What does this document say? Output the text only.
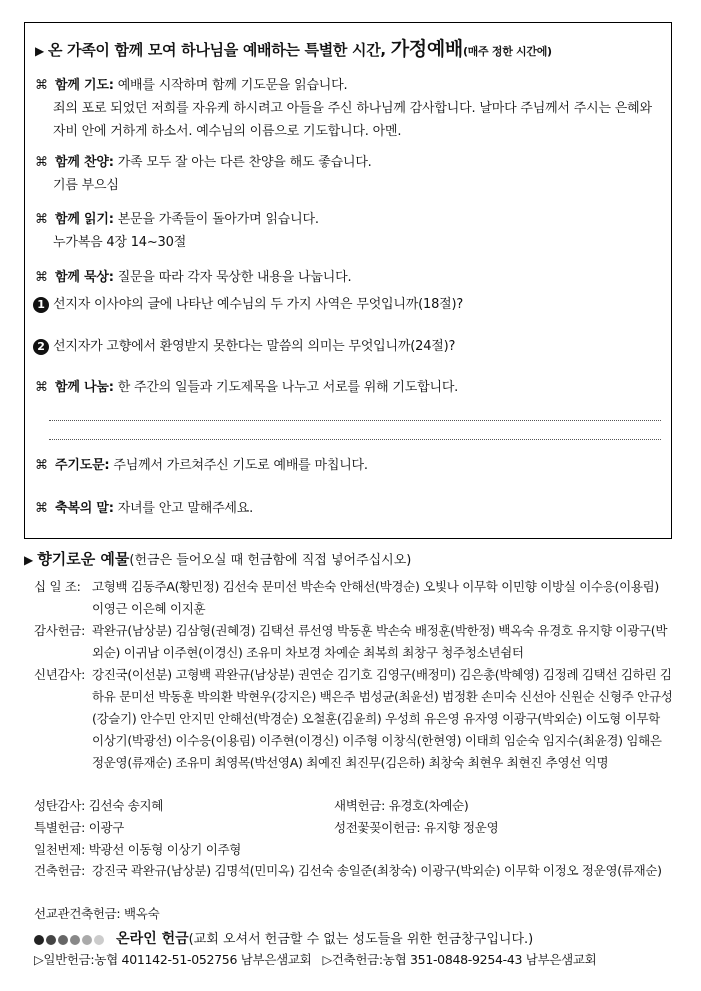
▶ 온 가족이 함께 모여 하나님을 예배하는 특별한 시간, 가정예배(매주 정한 시간에)
⌘ 함께 기도: 예배를 시작하며 함께 기도문을 읽습니다.
죄의 포로 되었던 저희를 자유케 하시려고 아들을 주신 하나님께 감사합니다. 날마다 주님께서 주시는 은혜와 자비 안에 거하게 하소서. 예수님의 이름으로 기도합니다. 아멘.
⌘ 함께 찬양: 가족 모두 잘 아는 다른 찬양을 해도 좋습니다.
기름 부으심
⌘ 함께 읽기: 본문을 가족들이 돌아가며 읽습니다.
누가복음 4장 14~30절
⌘ 함께 묵상: 질문을 따라 각자 묵상한 내용을 나눕니다.
1 선지자 이사야의 글에 나타난 예수님의 두 가지 사역은 무엇입니까(18절)?
2 선지자가 고향에서 환영받지 못한다는 말씀의 의미는 무엇입니까(24절)?
⌘ 함께 나눔: 한 주간의 일들과 기도제목을 나누고 서로를 위해 기도합니다.
⌘ 주기도문: 주님께서 가르쳐주신 기도로 예배를 마칩니다.
⌘ 축복의 말: 자녀를 안고 말해주세요.
▶ 향기로운 예물(헌금은 들어오실 때 헌금함에 직접 넣어주십시오)
십 일 조: 고형백 김동주A(황민정) 김선숙 문미선 박손숙 안해선(박경순) 오빛나 이무학 이민향 이방실 이수응(이용림) 이영근 이은혜 이지훈
감사헌금: 곽완규(남상분) 김삼형(권혜경) 김택선 류선영 박동훈 박손숙 배정훈(박한정) 백옥숙 유경호 유지향 이광구(박외순) 이귀남 이주현(이경신) 조유미 차보경 차예순 최복희 최창구 청주청소년쉼터
신년감사: 강진국(이선분) 고형백 곽완규(남상분) 권연순 김기호 김영구(배정미) 김은총(박혜영) 김정례 김택선 김하린 김하유 문미선 박동훈 박의환 박현우(강지은) 백은주 범성균(최윤선) 범정환 손미숙 신선아 신원순 신형주 안규성(강슬기) 안수민 안지민 안해선(박경순) 오철훈(김윤희) 우성희 유은영 유자영 이광구(박외순) 이도형 이무학 이상기(박광선) 이수응(이용림) 이주현(이경신) 이주형 이창식(한현영) 이태희 임순숙 임지수(최윤경) 임해은 정운영(류재순) 조유미 최영목(박선영A) 최예진 최진무(김은하) 최창숙 최현우 최현진 추영선 익명
성탄감사: 김선숙 송지혜	새벽헌금: 유경호(차예순)
특별헌금: 이광구	성전꽃꽂이헌금: 유지향 정운영
일천번제: 박광선 이동형 이상기 이주형
건축헌금: 강진국 곽완규(남상분) 김명석(민미옥) 김선숙 송일준(최창숙) 이광구(박외순) 이무학 이정오 정운영(류재순)
선교관건축헌금: 백옥숙
온라인 헌금(교회 오셔서 헌금할 수 없는 성도들을 위한 헌금창구입니다.)
▷일반헌금:농협 401142-51-052756 남부은샘교회 ▷건축헌금:농협 351-0848-9254-43 남부은샘교회
